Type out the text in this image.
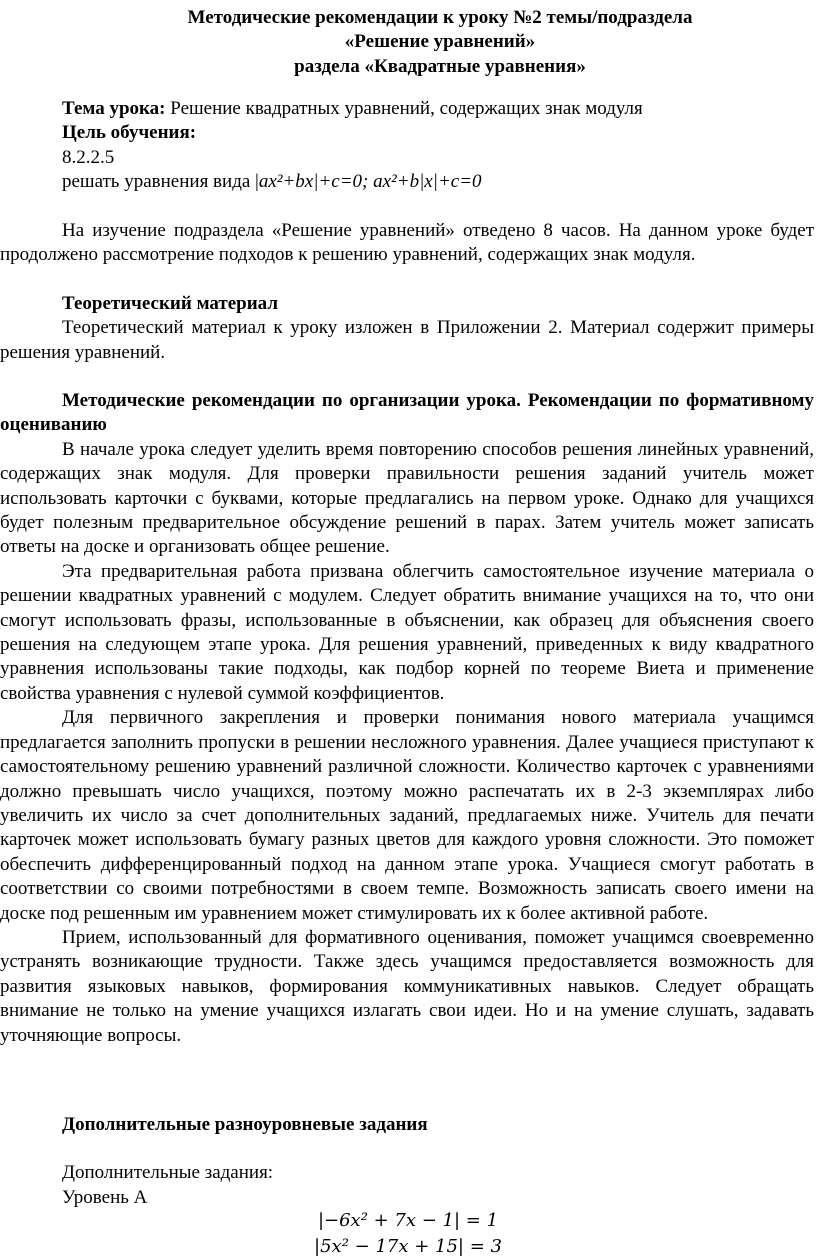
Методические рекомендации к уроку №2 темы/подраздела
«Решение уравнений»
раздела «Квадратные уравнения»
Тема урока: Решение квадратных уравнений, содержащих знак модуля
Цель обучения:
8.2.2.5
решать уравнения вида |ax²+bx|+c=0; ax²+b|x|+c=0

На изучение подраздела «Решение уравнений» отведено 8 часов. На данном уроке будет продолжено рассмотрение подходов к решению уравнений, содержащих знак модуля.

Теоретический материал

Теоретический материал к уроку изложен в Приложении 2. Материал содержит примеры решения уравнений.

Методические рекомендации по организации урока. Рекомендации по формативному оцениванию

В начале урока следует уделить время повторению способов решения линейных уравнений, содержащих знак модуля. Для проверки правильности решения заданий учитель может использовать карточки с буквами, которые предлагались на первом уроке. Однако для учащихся будет полезным предварительное обсуждение решений в парах. Затем учитель может записать ответы на доске и организовать общее решение.

Эта предварительная работа призвана облегчить самостоятельное изучение материала о решении квадратных уравнений с модулем. Следует обратить внимание учащихся на то, что они смогут использовать фразы, использованные в объяснении, как образец для объяснения своего решения на следующем этапе урока. Для решения уравнений, приведенных к виду квадратного уравнения использованы такие подходы, как подбор корней по теореме Виета и применение свойства уравнения с нулевой суммой коэффициентов.

Для первичного закрепления и проверки понимания нового материала учащимся предлагается заполнить пропуски в решении несложного уравнения. Далее учащиеся приступают к самостоятельному решению уравнений различной сложности. Количество карточек с уравнениями должно превышать число учащихся, поэтому можно распечатать их в 2-3 экземплярах либо увеличить их число за счет дополнительных заданий, предлагаемых ниже. Учитель для печати карточек может использовать бумагу разных цветов для каждого уровня сложности. Это поможет обеспечить дифференцированный подход на данном этапе урока. Учащиеся смогут работать в соответствии со своими потребностями в своем темпе. Возможность записать своего имени на доске под решенным им уравнением может стимулировать их к более активной работе.

Прием, использованный для формативного оценивания, поможет учащимся своевременно устранять возникающие трудности. Также здесь учащимся предоставляется возможность для развития языковых навыков, формирования коммуникативных навыков. Следует обращать внимание не только на умение учащихся излагать свои идеи. Но и на умение слушать, задавать уточняющие вопросы.

Дополнительные разноуровневые задания
Дополнительные задания:
Уровень А
|−6x² + 7x − 1| = 1
|5x² − 17x + 15| = 3
